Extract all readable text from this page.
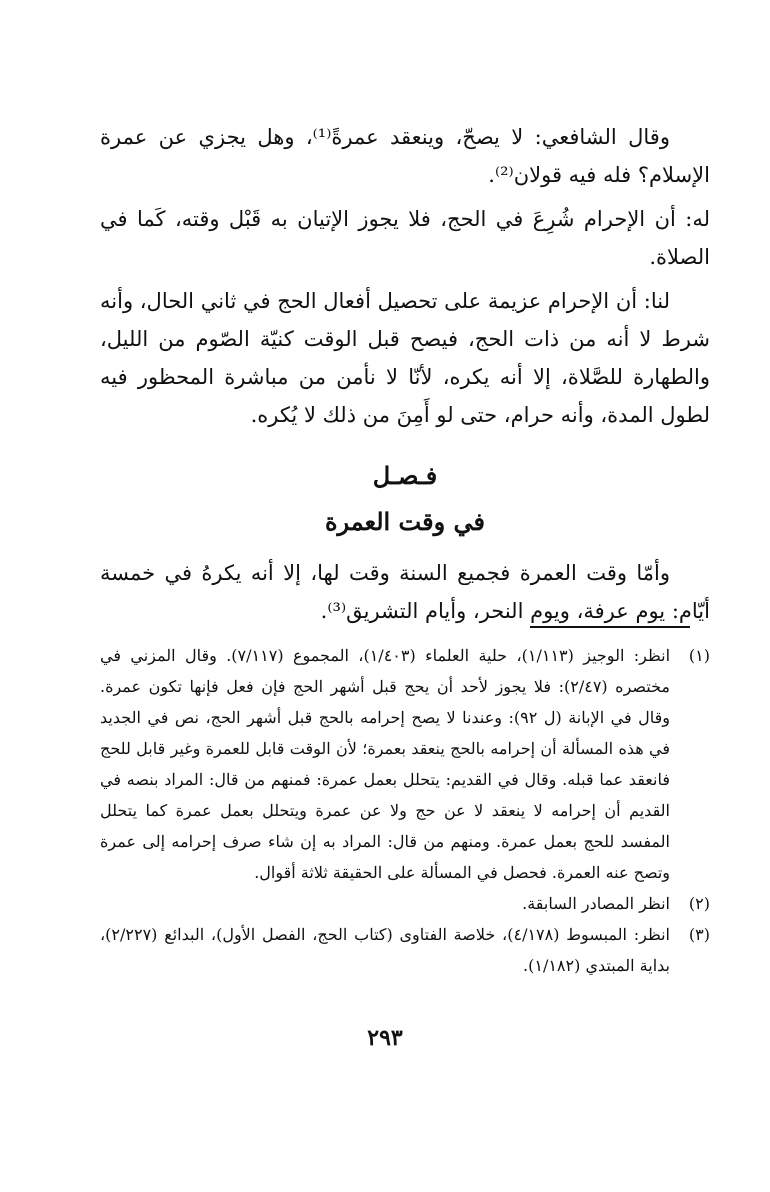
وقال الشافعي: لا يصحّ، وينعقد عمرةً⁽¹⁾، وهل يجزي عن عمرة الإسلام؟ فله فيه قولان⁽²⁾.

له: أن الإحرام شُرِعَ في الحج، فلا يجوز الإتيان به قَبْل وقته، كَما في الصلاة.

لنا: أن الإحرام عزيمة على تحصيل أفعال الحج في ثاني الحال، وأنه شرط لا أنه من ذات الحج، فيصح قبل الوقت كنيّة الصّوم من الليل، والطهارة للصَّلاة، إلا أنه يكره، لأنّا لا نأمن من مباشرة المحظور فيه لطول المدة، وأنه حرام، حتى لو أَمِنَ من ذلك لا يُكره.

فـصـل

في وقت العمرة

وأمّا وقت العمرة فجميع السنة وقت لها، إلا أنه يكرهُ في خمسة أيّام: يوم عرفة، ويوم النحر، وأيام التشريق⁽³⁾.

(١)
انظر: الوجيز (١/١١٣)، حلية العلماء (١/٤٠٣)، المجموع (٧/١١٧). وقال المزني في مختصره (٢/٤٧): فلا يجوز لأحد أن يحج قبل أشهر الحج فإن فعل فإنها تكون عمرة. وقال في الإبانة (ل ٩٢): وعندنا لا يصح إحرامه بالحج قبل أشهر الحج، نص في الجديد في هذه المسألة أن إحرامه بالحج ينعقد بعمرة؛ لأن الوقت قابل للعمرة وغير قابل للحج فانعقد عما قبله. وقال في القديم: يتحلل بعمل عمرة: فمنهم من قال: المراد بنصه في القديم أن إحرامه لا ينعقد لا عن حج ولا عن عمرة ويتحلل بعمل عمرة كما يتحلل المفسد للحج بعمل عمرة. ومنهم من قال: المراد به إن شاء صرف إحرامه إلى عمرة وتصح عنه العمرة. فحصل في المسألة على الحقيقة ثلاثة أقوال.
(٢)
انظر المصادر السابقة.
(٣)
انظر: المبسوط (٤/١٧٨)، خلاصة الفتاوى (كتاب الحج، الفصل الأول)، البدائع (٢/٢٢٧)، بداية المبتدي (١/١٨٢).
٢٩٣
